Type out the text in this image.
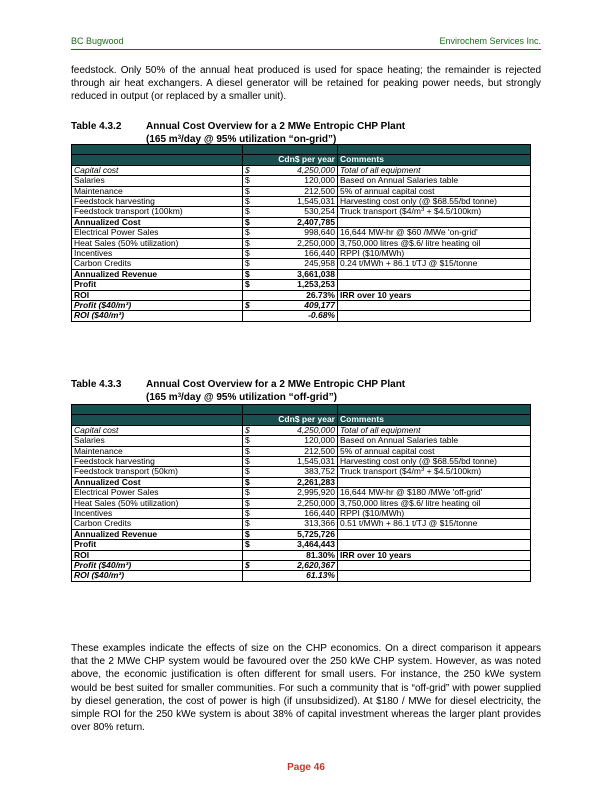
BC Bugwood	Envirochem Services Inc.

feedstock. Only 50% of the annual heat produced is used for space heating; the remainder is rejected through air heat exchangers. A diesel generator will be retained for peaking power needs, but strongly reduced in output (or replaced by a smaller unit).

Table 4.3.2	Annual Cost Overview for a 2 MWe Entropic CHP Plant
(165 $m^3$/day @ 95% utilization “on-grid”)

	Cdn$ per year		Comments
Capital cost	$	4,250,000	Total of all equipment
Salaries	$	120,000	Based on Annual Salaries table
Maintenance	$	212,500	5% of annual capital cost
Feedstock harvesting	$	1,545,031	Harvesting cost only (@ $68.55/bd tonne)
Feedstock transport (100km)	$	530,254	Truck transport ($\$4/m^3$ + $4.5/100km)
Annualized Cost	$	2,407,785	
Electrical Power Sales	$	998,640	16,644 MW-hr @ $60 /MWe 'on-grid'
Heat Sales (50% utilization)	$	2,250,000	3,750,000 litres @$.6/ litre heating oil
Incentives	$	166,440	RPPI ($10/MWh)
Carbon Credits	$	245,958	0.24 t/MWh + 86.1 t/TJ @ $15/tonne
Annualized Revenue	$	3,661,038	
Profit	$	1,253,253	
ROI		26.73%	IRR over 10 years
Profit ($40/m³)	$	409,177	
ROI ($40/m³)		-0.68%	
Table 4.3.3	Annual Cost Overview for a 2 MWe Entropic CHP Plant
(165 $m^3$/day @ 95% utilization “off-grid”)

	Cdn$ per year		Comments
Capital cost	$	4,250,000	Total of all equipment
Salaries	$	120,000	Based on Annual Salaries table
Maintenance	$	212,500	5% of annual capital cost
Feedstock harvesting	$	1,545,031	Harvesting cost only (@ $68.55/bd tonne)
Feedstock transport (50km)	$	383,752	Truck transport ($\$4/m^3$ + $4.5/100km)
Annualized Cost	$	2,261,283	
Electrical Power Sales	$	2,995,920	16,644 MW-hr @ $180 /MWe 'off-grid'
Heat Sales (50% utilization)	$	2,250,000	3,750,000 litres @$.6/ litre heating oil
Incentives	$	166,440	RPPI ($10/MWh)
Carbon Credits	$	313,366	0.51 t/MWh + 86.1 t/TJ @ $15/tonne
Annualized Revenue	$	5,725,726	
Profit	$	3,464,443	
ROI		81.30%	IRR over 10 years
Profit ($40/m³)	$	2,620,367	
ROI ($40/m³)		61.13%	

These examples indicate the effects of size on the CHP economics. On a direct comparison it appears that the 2 MWe CHP system would be favoured over the 250 kWe CHP system. However, as was noted above, the economic justification is often different for small users. For instance, the 250 kWe system would be best suited for smaller communities. For such a community that is “off-grid” with power supplied by diesel generation, the cost of power is high (if unsubsidized). At $180 / MWe for diesel electricity, the simple ROI for the 250 kWe system is about 38% of capital investment whereas the larger plant provides over 80% return.

Page 46
